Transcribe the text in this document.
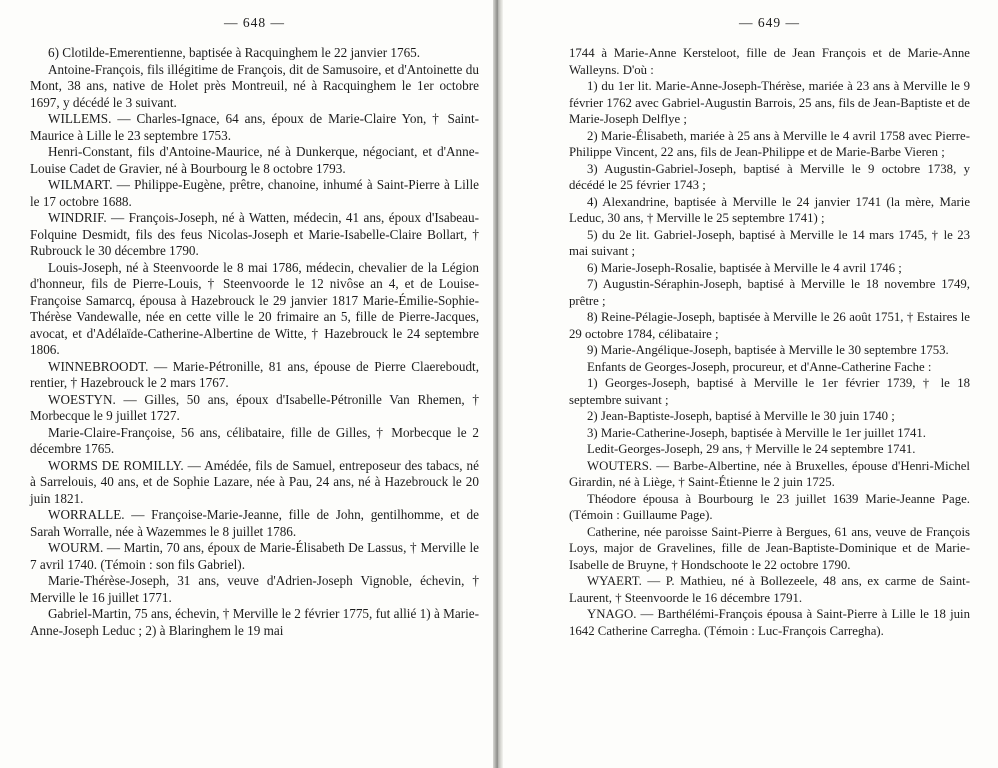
— 648 —

6) Clotilde-Emerentienne, baptisée à Racquinghem le 22 janvier 1765.

Antoine-François, fils illégitime de François, dit de Samusoire, et d'Antoinette du Mont, 38 ans, native de Holet près Montreuil, né à Racquinghem le 1er octobre 1697, y décédé le 3 suivant.

WILLEMS. — Charles-Ignace, 64 ans, époux de Marie-Claire Yon, † Saint-Maurice à Lille le 23 septembre 1753.

Henri-Constant, fils d'Antoine-Maurice, né à Dunkerque, négociant, et d'Anne-Louise Cadet de Gravier, né à Bourbourg le 8 octobre 1793.

WILMART. — Philippe-Eugène, prêtre, chanoine, inhumé à Saint-Pierre à Lille le 17 octobre 1688.

WINDRIF. — François-Joseph, né à Watten, médecin, 41 ans, époux d'Isabeau-Folquine Desmidt, fils des feus Nicolas-Joseph et Marie-Isabelle-Claire Bollart, † Rubrouck le 30 décembre 1790.

Louis-Joseph, né à Steenvoorde le 8 mai 1786, médecin, chevalier de la Légion d'honneur, fils de Pierre-Louis, † Steenvoorde le 12 nivôse an 4, et de Louise-Françoise Samarcq, épousa à Hazebrouck le 29 janvier 1817 Marie-Émilie-Sophie-Thérèse Vandewalle, née en cette ville le 20 frimaire an 5, fille de Pierre-Jacques, avocat, et d'Adélaïde-Catherine-Albertine de Witte, † Hazebrouck le 24 septembre 1806.

WINNEBROODT. — Marie-Pétronille, 81 ans, épouse de Pierre Claereboudt, rentier, † Hazebrouck le 2 mars 1767.

WOESTYN. — Gilles, 50 ans, époux d'Isabelle-Pétronille Van Rhemen, † Morbecque le 9 juillet 1727.

Marie-Claire-Françoise, 56 ans, célibataire, fille de Gilles, † Morbecque le 2 décembre 1765.

WORMS DE ROMILLY. — Amédée, fils de Samuel, entreposeur des tabacs, né à Sarrelouis, 40 ans, et de Sophie Lazare, née à Pau, 24 ans, né à Hazebrouck le 20 juin 1821.

WORRALLE. — Françoise-Marie-Jeanne, fille de John, gentilhomme, et de Sarah Worralle, née à Wazemmes le 8 juillet 1786.

WOURM. — Martin, 70 ans, époux de Marie-Élisabeth De Lassus, † Merville le 7 avril 1740. (Témoin : son fils Gabriel).

Marie-Thérèse-Joseph, 31 ans, veuve d'Adrien-Joseph Vignoble, échevin, † Merville le 16 juillet 1771.

Gabriel-Martin, 75 ans, échevin, † Merville le 2 février 1775, fut allié 1) à Marie-Anne-Joseph Leduc ; 2) à Blaringhem le 19 mai

— 649 —

1744 à Marie-Anne Kersteloot, fille de Jean François et de Marie-Anne Walleyns. D'où :

1) du 1er lit. Marie-Anne-Joseph-Thérèse, mariée à 23 ans à Merville le 9 février 1762 avec Gabriel-Augustin Barrois, 25 ans, fils de Jean-Baptiste et de Marie-Joseph Delflye ;

2) Marie-Élisabeth, mariée à 25 ans à Merville le 4 avril 1758 avec Pierre-Philippe Vincent, 22 ans, fils de Jean-Philippe et de Marie-Barbe Vieren ;

3) Augustin-Gabriel-Joseph, baptisé à Merville le 9 octobre 1738, y décédé le 25 février 1743 ;

4) Alexandrine, baptisée à Merville le 24 janvier 1741 (la mère, Marie Leduc, 30 ans, † Merville le 25 septembre 1741) ;

5) du 2e lit. Gabriel-Joseph, baptisé à Merville le 14 mars 1745, † le 23 mai suivant ;

6) Marie-Joseph-Rosalie, baptisée à Merville le 4 avril 1746 ;

7) Augustin-Séraphin-Joseph, baptisé à Merville le 18 novembre 1749, prêtre ;

8) Reine-Pélagie-Joseph, baptisée à Merville le 26 août 1751, † Estaires le 29 octobre 1784, célibataire ;

9) Marie-Angélique-Joseph, baptisée à Merville le 30 septembre 1753.

Enfants de Georges-Joseph, procureur, et d'Anne-Catherine Fache :

1) Georges-Joseph, baptisé à Merville le 1er février 1739, † le 18 septembre suivant ;

2) Jean-Baptiste-Joseph, baptisé à Merville le 30 juin 1740 ;

3) Marie-Catherine-Joseph, baptisée à Merville le 1er juillet 1741.

Ledit-Georges-Joseph, 29 ans, † Merville le 24 septembre 1741.

WOUTERS. — Barbe-Albertine, née à Bruxelles, épouse d'Henri-Michel Girardin, né à Liège, † Saint-Étienne le 2 juin 1725.

Théodore épousa à Bourbourg le 23 juillet 1639 Marie-Jeanne Page. (Témoin : Guillaume Page).

Catherine, née paroisse Saint-Pierre à Bergues, 61 ans, veuve de François Loys, major de Gravelines, fille de Jean-Baptiste-Dominique et de Marie-Isabelle de Bruyne, † Hondschoote le 22 octobre 1790.

WYAERT. — P. Mathieu, né à Bollezeele, 48 ans, ex carme de Saint-Laurent, † Steenvoorde le 16 décembre 1791.

YNAGO. — Barthélémi-François épousa à Saint-Pierre à Lille le 18 juin 1642 Catherine Carregha. (Témoin : Luc-François Carregha).
